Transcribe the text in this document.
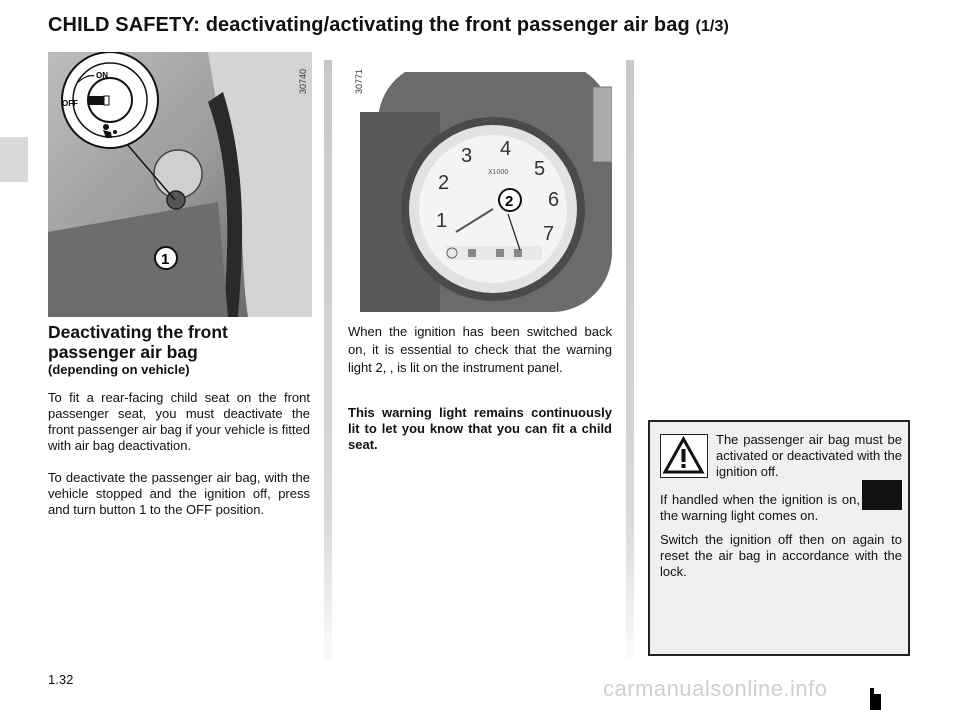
CHILD SAFETY: deactivating/activating the front passenger air bag (1/3)
ON
OFF
1
30740
1
2
3 4
5
6
7
X1000
2
30771
Deactivating the front passenger air bag
(depending on vehicle)
To fit a rear-facing child seat on the front passenger seat, you must deactivate the front passenger air bag if your vehicle is fitted with air bag deactivation.
To deactivate the passenger air bag, with the vehicle stopped and the ignition off, press and turn button 1 to the OFF position.
When the ignition has been switched back on, it is essential to check that the warning light 2, , is lit on the instrument panel.
This warning light remains continuously lit to let you know that you can fit a child seat.	The passenger air bag must be activated or deactivated with the ignition off.
If handled when the ignition is on, the warning light comes on.
Switch the ignition off then on again to reset the air bag in accordance with the lock.
1.32	carmanualsonline.info
